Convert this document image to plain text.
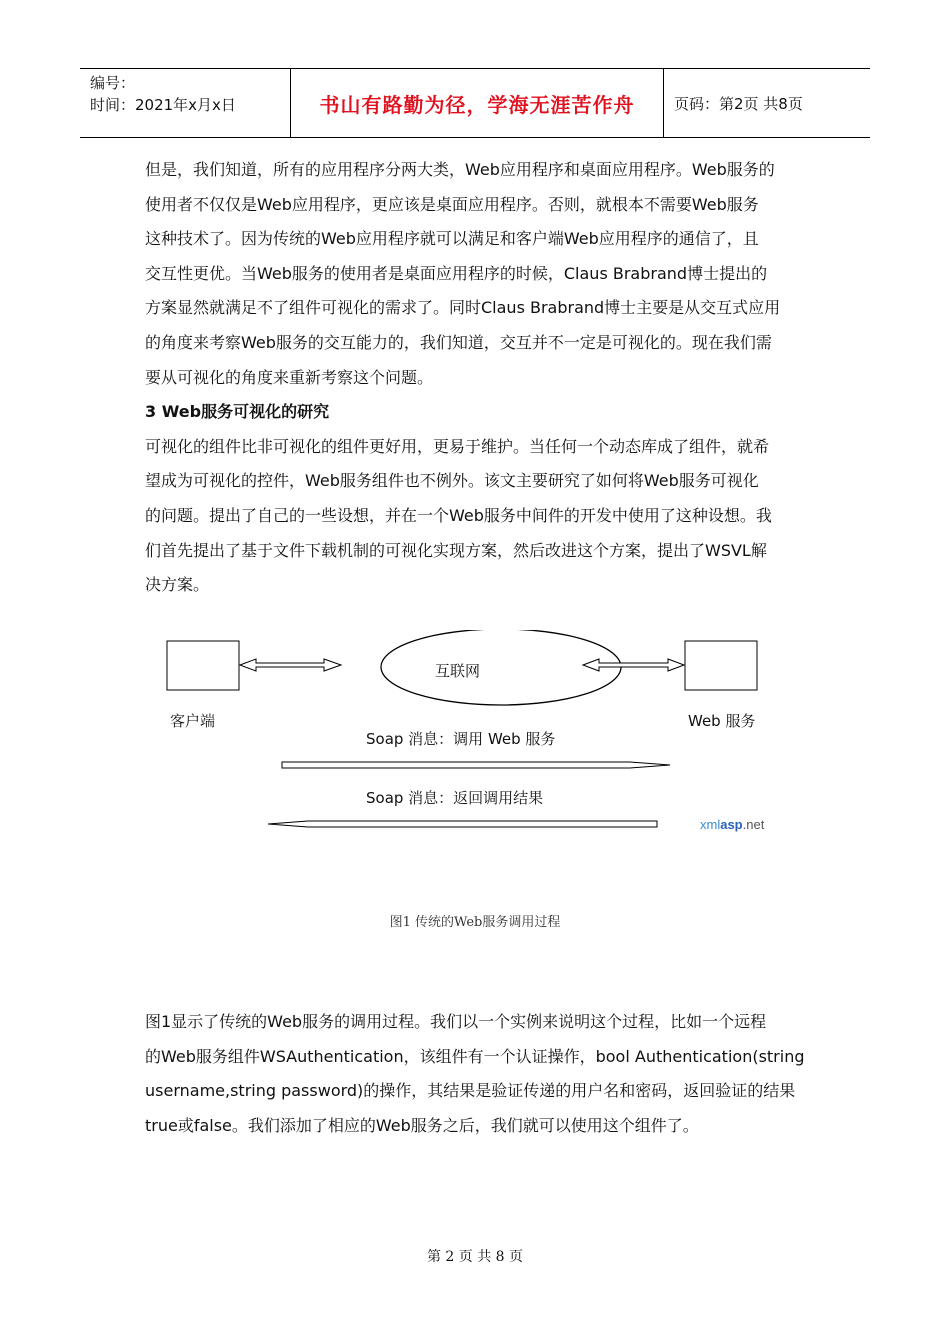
编号：
时间：2021年x月x日	书山有路勤为径，学海无涯苦作舟	页码：第2页 共8页

但是，我们知道，所有的应用程序分两大类，Web应用程序和桌面应用程序。Web服务的

使用者不仅仅是Web应用程序，更应该是桌面应用程序。否则，就根本不需要Web服务

这种技术了。因为传统的Web应用程序就可以满足和客户端Web应用程序的通信了，且

交互性更优。当Web服务的使用者是桌面应用程序的时候，Claus Brabrand博士提出的

方案显然就满足不了组件可视化的需求了。同时Claus Brabrand博士主要是从交互式应用

的角度来考察Web服务的交互能力的，我们知道，交互并不一定是可视化的。现在我们需

要从可视化的角度来重新考察这个问题。

3 Web服务可视化的研究

可视化的组件比非可视化的组件更好用，更易于维护。当任何一个动态库成了组件，就希

望成为可视化的控件，Web服务组件也不例外。该文主要研究了如何将Web服务可视化

的问题。提出了自己的一些设想，并在一个Web服务中间件的开发中使用了这种设想。我

们首先提出了基于文件下载机制的可视化实现方案，然后改进这个方案，提出了WSVL解

决方案。

互联网
客户端	Web 服务
Soap 消息：调用 Web 服务
Soap 消息：返回调用结果
xmlasp.net
图1 传统的Web服务调用过程

图1显示了传统的Web服务的调用过程。我们以一个实例来说明这个过程，比如一个远程

的Web服务组件WSAuthentication，该组件有一个认证操作，bool Authentication(string

username,string password)的操作，其结果是验证传递的用户名和密码，返回验证的结果

true或false。我们添加了相应的Web服务之后，我们就可以使用这个组件了。

第 2 页 共 8 页
